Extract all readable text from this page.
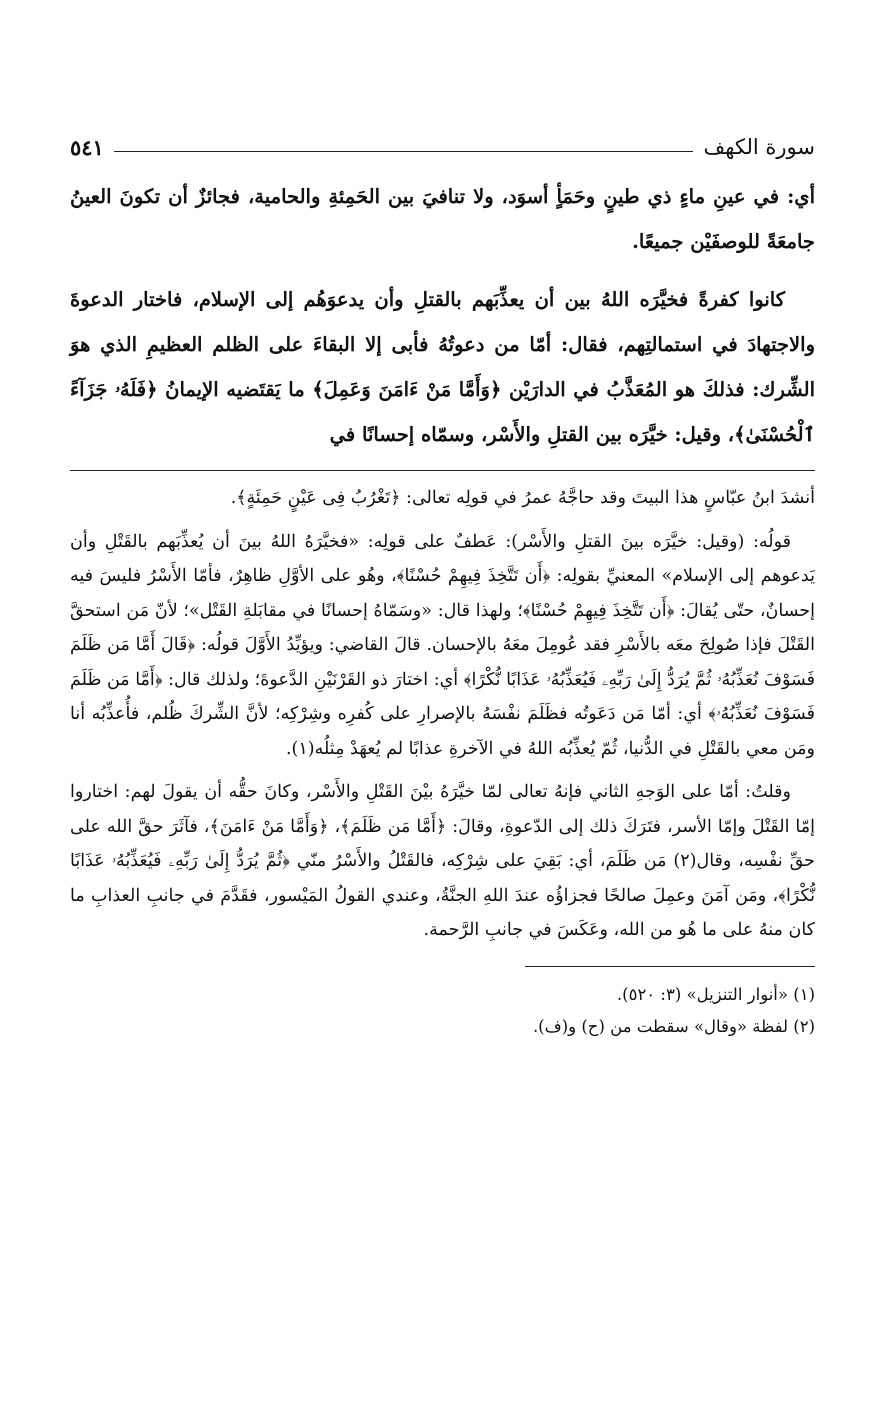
سورة الكهف
٥٤١

أي: في عينِ ماءٍ ذي طينٍ وحَمَأٍ أسوَد، ولا تنافيَ بين الحَمِئةِ والحامية، فجائزٌ أن تكونَ العينُ جامعَةً للوصفَيْن جميعًا.

كانوا كفرةً فخيَّرَه اللهُ بين أن يعذِّبَهم بالقتلِ وأن يدعوَهُم إلى الإسلام، فاختار الدعوةَ والاجتهادَ في استمالتِهم، فقال: أمّا من دعوتُهُ فأبى إلا البقاءَ على الظلم العظيمِ الذي هوَ الشِّرك: فذلكَ هو المُعَذَّبُ في الدارَيْن ﴿وَأَمَّا مَنْ ءَامَنَ وَعَمِلَ﴾ ما يَقتَضيه الإيمانُ ﴿فَلَهُۥ جَزَآءً ٱلْحُسْنَىٰ﴾، وقيل: خيَّرَه بين القتلِ والأَسْر، وسمّاه إحسانًا في

أنشدَ ابنُ عبّاسٍ هذا البيتَ وقد حاجَّهُ عمرُ في قولِه تعالى: ﴿تَغْرُبُ فِى عَيْنٍ حَمِئَةٍ﴾.

قولُه: (وقيل: خيَّرَه بينَ القتلِ والأَسْر): عَطفٌ على قولِه: «فخيَّرَهُ اللهُ بينَ أن يُعذِّبَهم بالقَتْلِ وأن يَدعوهم إلى الإسلام» المعنيِّ بقولِه: ﴿أَن تَتَّخِذَ فِيهِمْ حُسْنًا﴾، وهُو على الأوَّلِ ظاهِرٌ، فأمّا الأَسْرُ فليسَ فيه إحسانٌ، حتّى يُقالَ: ﴿أَن تَتَّخِذَ فِيهِمْ حُسْنًا﴾؛ ولهذا قال: «وسَمّاهُ إحسانًا في مقابَلةِ القَتْل»؛ لأنّ مَن استحقَّ القَتْلَ فإذا صُولِحَ معَه بالأَسْرِ فقد عُومِلَ معَهُ بالإحسان. قالَ القاضي: ويؤيِّدُ الأَوَّلَ قولُه: ﴿قَالَ أَمَّا مَن ظَلَمَ فَسَوْفَ نُعَذِّبُهُۥ ثُمَّ يُرَدُّ إِلَىٰ رَبِّهِۦ فَيُعَذِّبُهُۥ عَذَابًا نُّكْرًا﴾ أي: اختارَ ذو القَرْنَيْنِ الدَّعوةَ؛ ولذلك قال: ﴿أَمَّا مَن ظَلَمَ فَسَوْفَ نُعَذِّبُهُۥ﴾ أي: أمّا مَن دَعَوتُه فظَلَمَ نفْسَهُ بالإصرارِ على كُفرِه وشِرْكِه؛ لأنَّ الشِّركَ ظُلم، فأُعذِّبُه أنا ومَن معي بالقَتْلِ في الدُّنيا، ثُمّ يُعذِّبُه اللهُ في الآخرةِ عذابًا لم يُعهَدْ مِثلُه(١).

وقلتُ: أمّا على الوَجهِ الثاني فإنهُ تعالى لمّا خيَّرَهُ بيْنَ القَتْلِ والأَسْر، وكانَ حقُّه أن يقولَ لهم: اختاروا إمّا القَتْلَ وإمّا الأسر، فتَرَكَ ذلك إلى الدّعوةِ، وقالَ: ﴿أَمَّا مَن ظَلَمَ﴾، ﴿وَأَمَّا مَنْ ءَامَنَ﴾، فآثَرَ حقَّ الله على حقِّ نفْسِه، وقال(٢) مَن ظَلَمَ، أي: بَقِيَ على شِرْكِه، فالقَتْلُ والأَسْرُ منّي ﴿ثُمَّ يُرَدُّ إِلَىٰ رَبِّهِۦ فَيُعَذِّبُهُۥ عَذَابًا نُّكْرًا﴾، ومَن آمَنَ وعمِلَ صالحًا فجزاؤُه عندَ اللهِ الجنَّةُ، وعندي القولُ المَيْسور، فقَدَّمَ في جانبِ العذابِ ما كان منهُ على ما هُو من الله، وعَكَسَ في جانبِ الرَّحمة.

(١) «أنوار التنزيل» (٣: ٥٢٠).
(٢) لفظة «وقال» سقطت من (ح) و(ف).
